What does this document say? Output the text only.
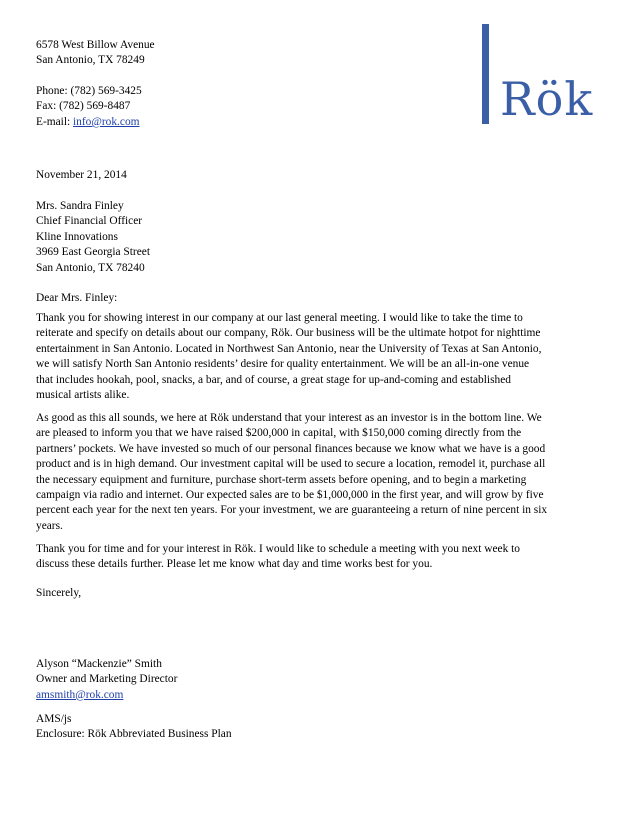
Rök
6578 West Billow Avenue
San Antonio, TX 78249
Phone: (782) 569-3425
Fax: (782) 569-8487
E-mail: info@rok.com
November 21, 2014
Mrs. Sandra Finley
Chief Financial Officer
Kline Innovations
3969 East Georgia Street
San Antonio, TX 78240
Dear Mrs. Finley:
Thank you for showing interest in our company at our last general meeting. I would like to take the time to
reiterate and specify on details about our company, Rök. Our business will be the ultimate hotpot for nighttime
entertainment in San Antonio. Located in Northwest San Antonio, near the University of Texas at San Antonio,
we will satisfy North San Antonio residents’ desire for quality entertainment. We will be an all-in-one venue
that includes hookah, pool, snacks, a bar, and of course, a great stage for up-and-coming and established
musical artists alike.
As good as this all sounds, we here at Rök understand that your interest as an investor is in the bottom line. We
are pleased to inform you that we have raised $200,000 in capital, with $150,000 coming directly from the
partners’ pockets. We have invested so much of our personal finances because we know what we have is a good
product and is in high demand. Our investment capital will be used to secure a location, remodel it, purchase all
the necessary equipment and furniture, purchase short-term assets before opening, and to begin a marketing
campaign via radio and internet. Our expected sales are to be $1,000,000 in the first year, and will grow by five
percent each year for the next ten years. For your investment, we are guaranteeing a return of nine percent in six
years.
Thank you for time and for your interest in Rök. I would like to schedule a meeting with you next week to
discuss these details further. Please let me know what day and time works best for you.
Sincerely,
Alyson “Mackenzie” Smith
Owner and Marketing Director
amsmith@rok.com
AMS/js
Enclosure: Rök Abbreviated Business Plan
